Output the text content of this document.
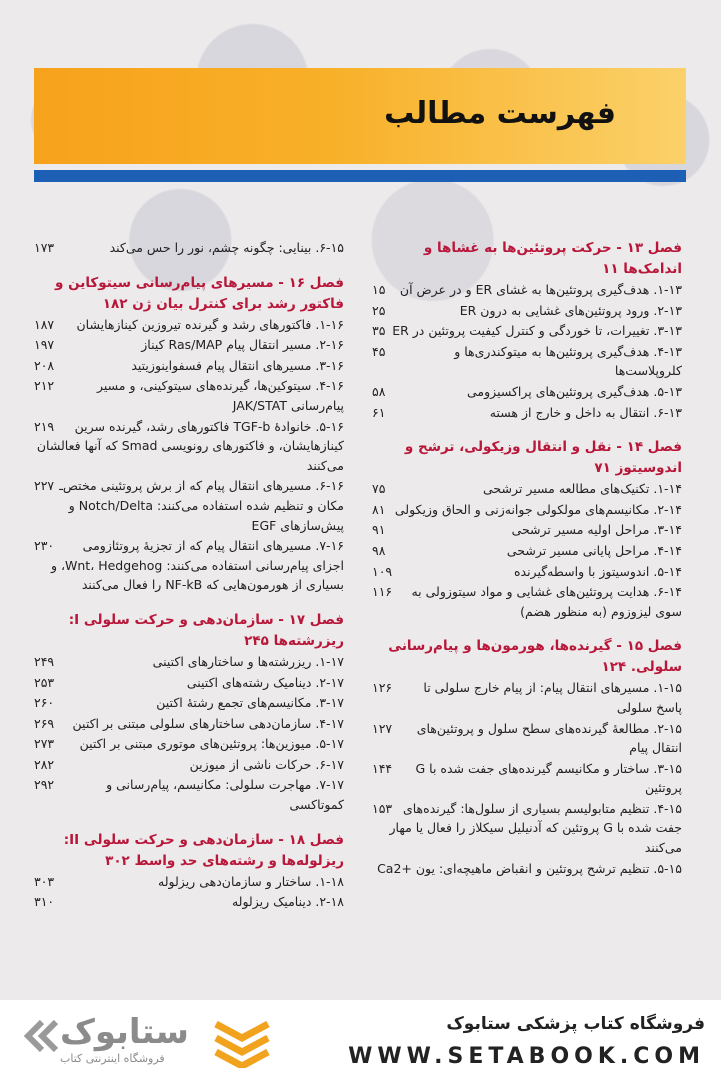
فهرست مطالب
فصل ۱۳ - حرکت پروتئین‌ها به غشاها و اندامک‌ها ۱۱
۱۵ ۱-۱۳. هدف‌گیری پروتئین‌ها به غشای ER و در عرض آن
۲۵	۲-۱۳. ورود پروتئین‌های غشایی به درون ER
۳۵ ۳-۱۳. تغییرات، تا خوردگی و کنترل کیفیت پروتئین در ER
۴۵	۴-۱۳. هدف‌گیری پروتئین‌ها به میتوکندری‌ها و کلروپلاست‌ها
۵۸	۵-۱۳. هدف‌گیری پروتئین‌های پراکسیزومی
۶۱	۶-۱۳. انتقال به داخل و خارج از هسته
فصل ۱۴ - نقل و انتقال وزیکولی، ترشح و اندوسیتوز ۷۱
۷۵	۱-۱۴. تکنیک‌های مطالعه مسیر ترشحی
۸۱ ۲-۱۴. مکانیسم‌های مولکولی جوانه‌زنی و الحاق وزیکولی
۹۱	۳-۱۴. مراحل اولیه مسیر ترشحی
۹۸	۴-۱۴. مراحل پایانی مسیر ترشحی
۱۰۹	۵-۱۴. اندوسیتوز با واسطه‌گیرنده
۱۱۶ ۶-۱۴. هدایت پروتئین‌های غشایی و مواد سیتوزولی به سوی لیزوزوم (به منظور هضم)
فصل ۱۵ - گیرنده‌ها، هورمون‌ها و پیام‌رسانی سلولی. ۱۲۴
۱۲۶ ۱-۱۵. مسیرهای انتقال پیام: از پیام خارج سلولی تا پاسخ سلولی
۱۲۷ ۲-۱۵. مطالعهٔ گیرنده‌های سطح سلول و پروتئین‌های انتقال پیام
۱۴۴ ۳-۱۵. ساختار و مکانیسم گیرنده‌های جفت شده با G پروتئین
۱۵۳ ۴-۱۵. تنظیم متابولیسم بسیاری از سلول‌ها: گیرنده‌های جفت شده با G پروتئین که آدنیلیل سیکلاز را فعال یا مهار می‌کنند
۵-۱۵. تنظیم ترشح پروتئین و انقباض ماهیچه‌ای: یون +Ca2
۱۷۳	۶-۱۵. بینایی: چگونه چشم، نور را حس می‌کند
فصل ۱۶ - مسیرهای پیام‌رسانی سیتوکاین و فاکتور رشد برای کنترل بیان ژن ۱۸۲
۱۸۷ ۱-۱۶. فاکتورهای رشد و گیرنده تیروزین کینازهایشان
۱۹۷	۲-۱۶. مسیر انتقال پیام Ras/MAP کیناز
۲۰۸	۳-۱۶. مسیرهای انتقال پیام فسفواینوزیتید
۲۱۲	۴-۱۶. سیتوکین‌ها، گیرنده‌های سیتوکینی، و مسیر پیام‌رسانی JAK/STAT
۲۱۹ ۵-۱۶. خانوادهٔ TGF-b فاکتورهای رشد، گیرنده سرین کینازهایشان، و فاکتورهای رونویسی Smad که آنها فعالشان می‌کنند
۲۲۷ ۶-۱۶. مسیرهای انتقال پیام که از برش پروتئینی مختص‌ـ مکان و تنظیم شده استفاده می‌کنند: Notch/Delta و پیش‌سازهای EGF
۲۳۰ ۷-۱۶. مسیرهای انتقال پیام که از تجزیهٔ پروتئازومی اجزای پیام‌رسانی استفاده می‌کنند: Wnt، Hedgehog، و بسیاری از هورمون‌هایی که NF-kB را فعال می‌کنند
فصل ۱۷ - سازمان‌دهی و حرکت سلولی I: ریزرشته‌ها ۲۴۵
۲۴۹	۱-۱۷. ریزرشته‌ها و ساختارهای اکتینی
۲۵۳	۲-۱۷. دینامیک رشته‌های اکتینی
۲۶۰	۳-۱۷. مکانیسم‌های تجمع رشتهٔ اکتین
۲۶۹ ۴-۱۷. سازمان‌دهی ساختارهای سلولی مبتنی بر اکتین
۲۷۳ ۵-۱۷. میوزین‌ها: پروتئین‌های موتوری مبتنی بر اکتین
۲۸۲	۶-۱۷. حرکات ناشی از میوزین
۲۹۲	۷-۱۷. مهاجرت سلولی: مکانیسم، پیام‌رسانی و کموتاکسی
فصل ۱۸ - سازمان‌دهی و حرکت سلولی II: ریزلوله‌ها و رشته‌های حد واسط ۳۰۲
۳۰۳	۱-۱۸. ساختار و سازمان‌دهی ریزلوله
۳۱۰	۲-۱۸. دینامیک ریزلوله
ستابوک
فروشگاه اینترنتی کتاب
فروشگاه کتاب پزشکی ستابوک
WWW.SETABOOK.COM
